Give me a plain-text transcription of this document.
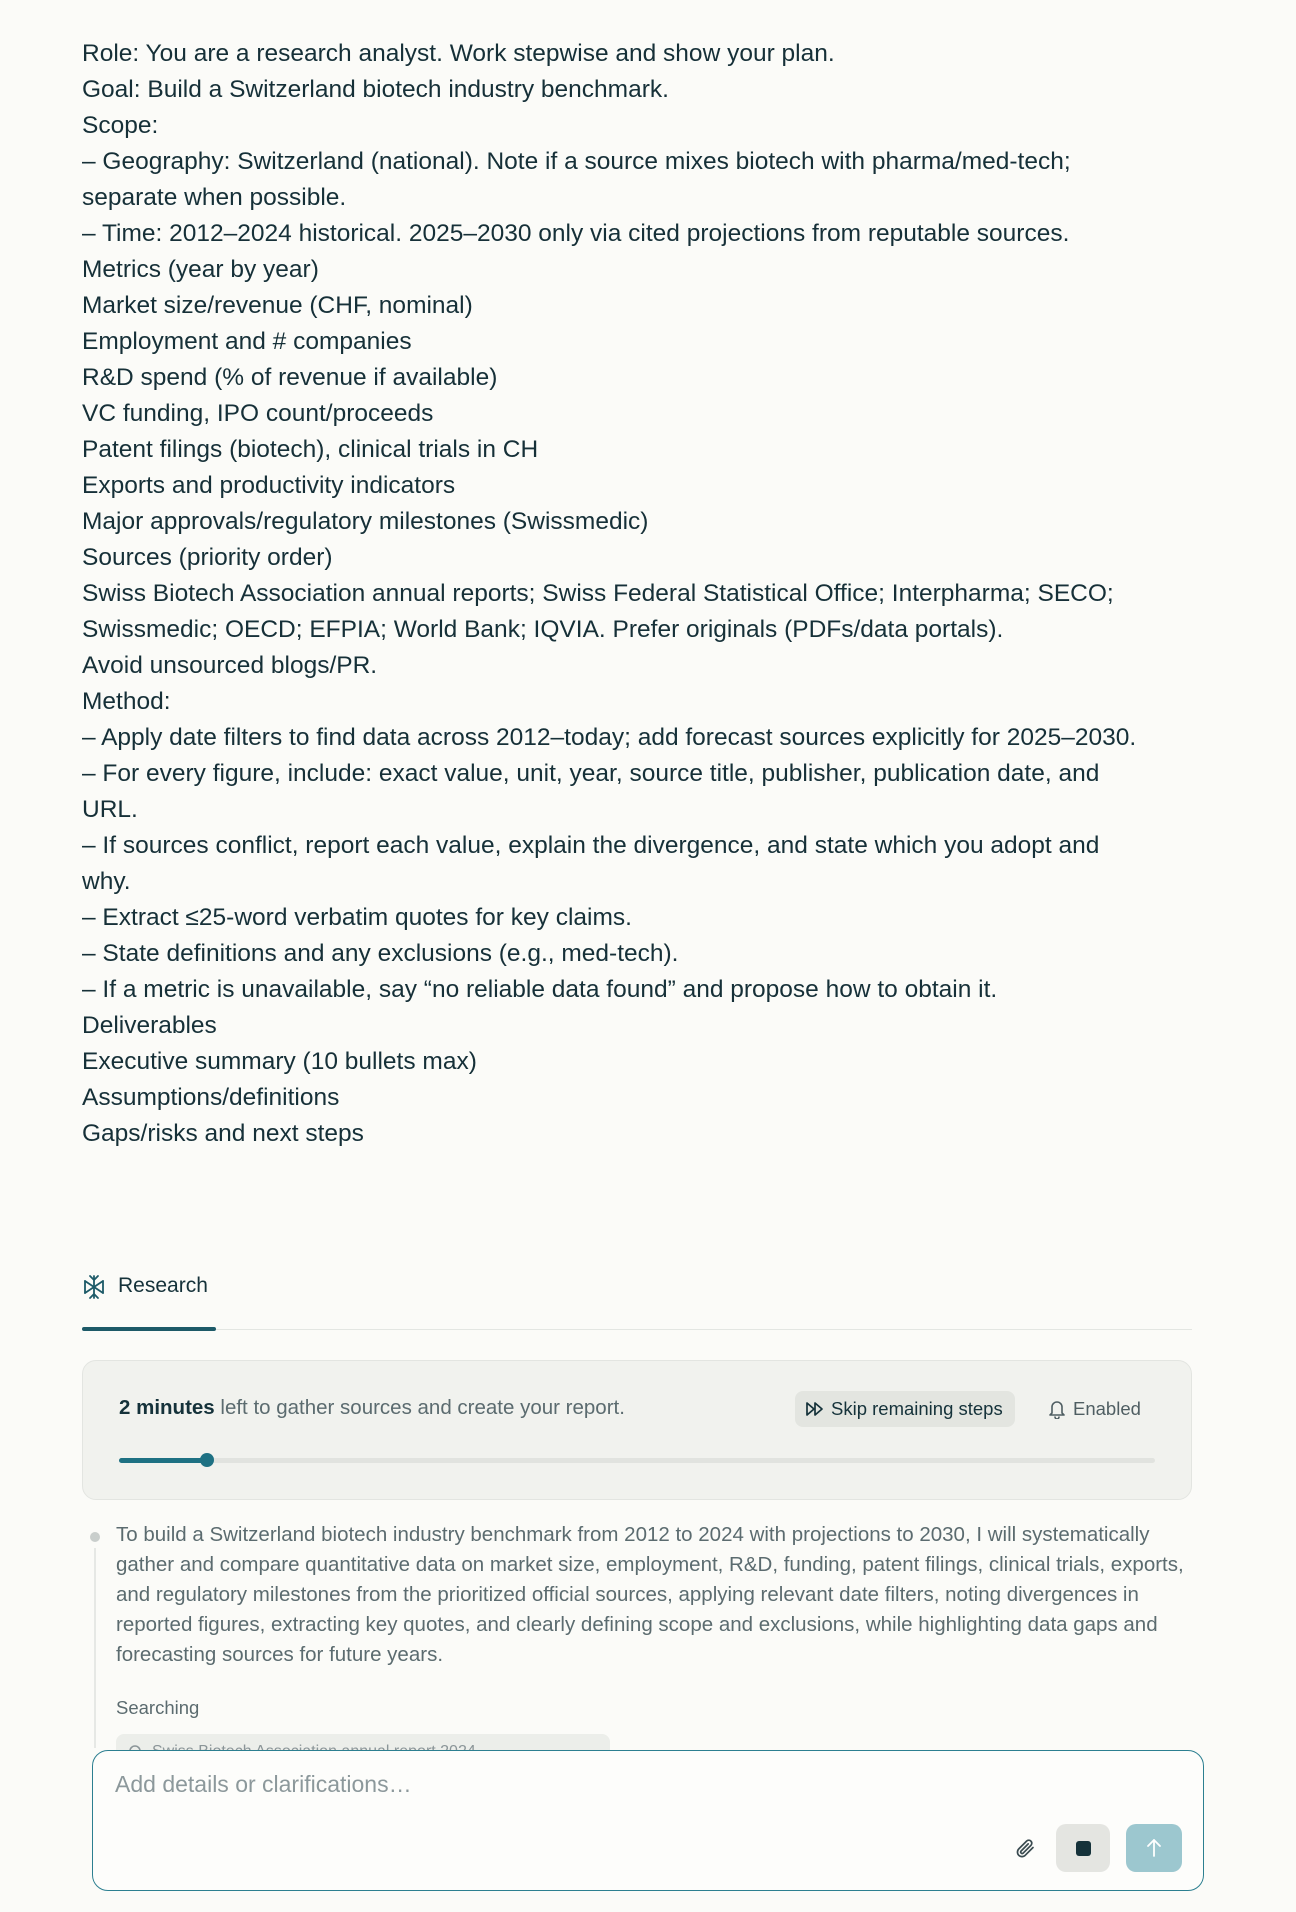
Role: You are a research analyst. Work stepwise and show your plan.
Goal: Build a Switzerland biotech industry benchmark.
Scope:
– Geography: Switzerland (national). Note if a source mixes biotech with pharma/med-tech; separate when possible.
– Time: 2012–2024 historical. 2025–2030 only via cited projections from reputable sources.
Metrics (year by year)
Market size/revenue (CHF, nominal)
Employment and # companies
R&D spend (% of revenue if available)
VC funding, IPO count/proceeds
Patent filings (biotech), clinical trials in CH
Exports and productivity indicators
Major approvals/regulatory milestones (Swissmedic)
Sources (priority order)
Swiss Biotech Association annual reports; Swiss Federal Statistical Office; Interpharma; SECO; Swissmedic; OECD; EFPIA; World Bank; IQVIA. Prefer originals (PDFs/data portals).
Avoid unsourced blogs/PR.
Method:
– Apply date filters to find data across 2012–today; add forecast sources explicitly for 2025–2030.
– For every figure, include: exact value, unit, year, source title, publisher, publication date, and URL.
– If sources conflict, report each value, explain the divergence, and state which you adopt and why.
– Extract ≤25-word verbatim quotes for key claims.
– State definitions and any exclusions (e.g., med-tech).
– If a metric is unavailable, say “no reliable data found” and propose how to obtain it.
Deliverables
Executive summary (10 bullets max)
Assumptions/definitions
Gaps/risks and next steps
Research
2 minutes left to gather sources and create your report.	Skip remaining steps	Enabled

To build a Switzerland biotech industry benchmark from 2012 to 2024 with projections to 2030, I will systematically gather and compare quantitative data on market size, employment, R&D, funding, patent filings, clinical trials, exports, and regulatory milestones from the prioritized official sources, applying relevant date filters, noting divergences in reported figures, extracting key quotes, and clearly defining scope and exclusions, while highlighting data gaps and forecasting sources for future years.

Searching
Add details or clarifications…
